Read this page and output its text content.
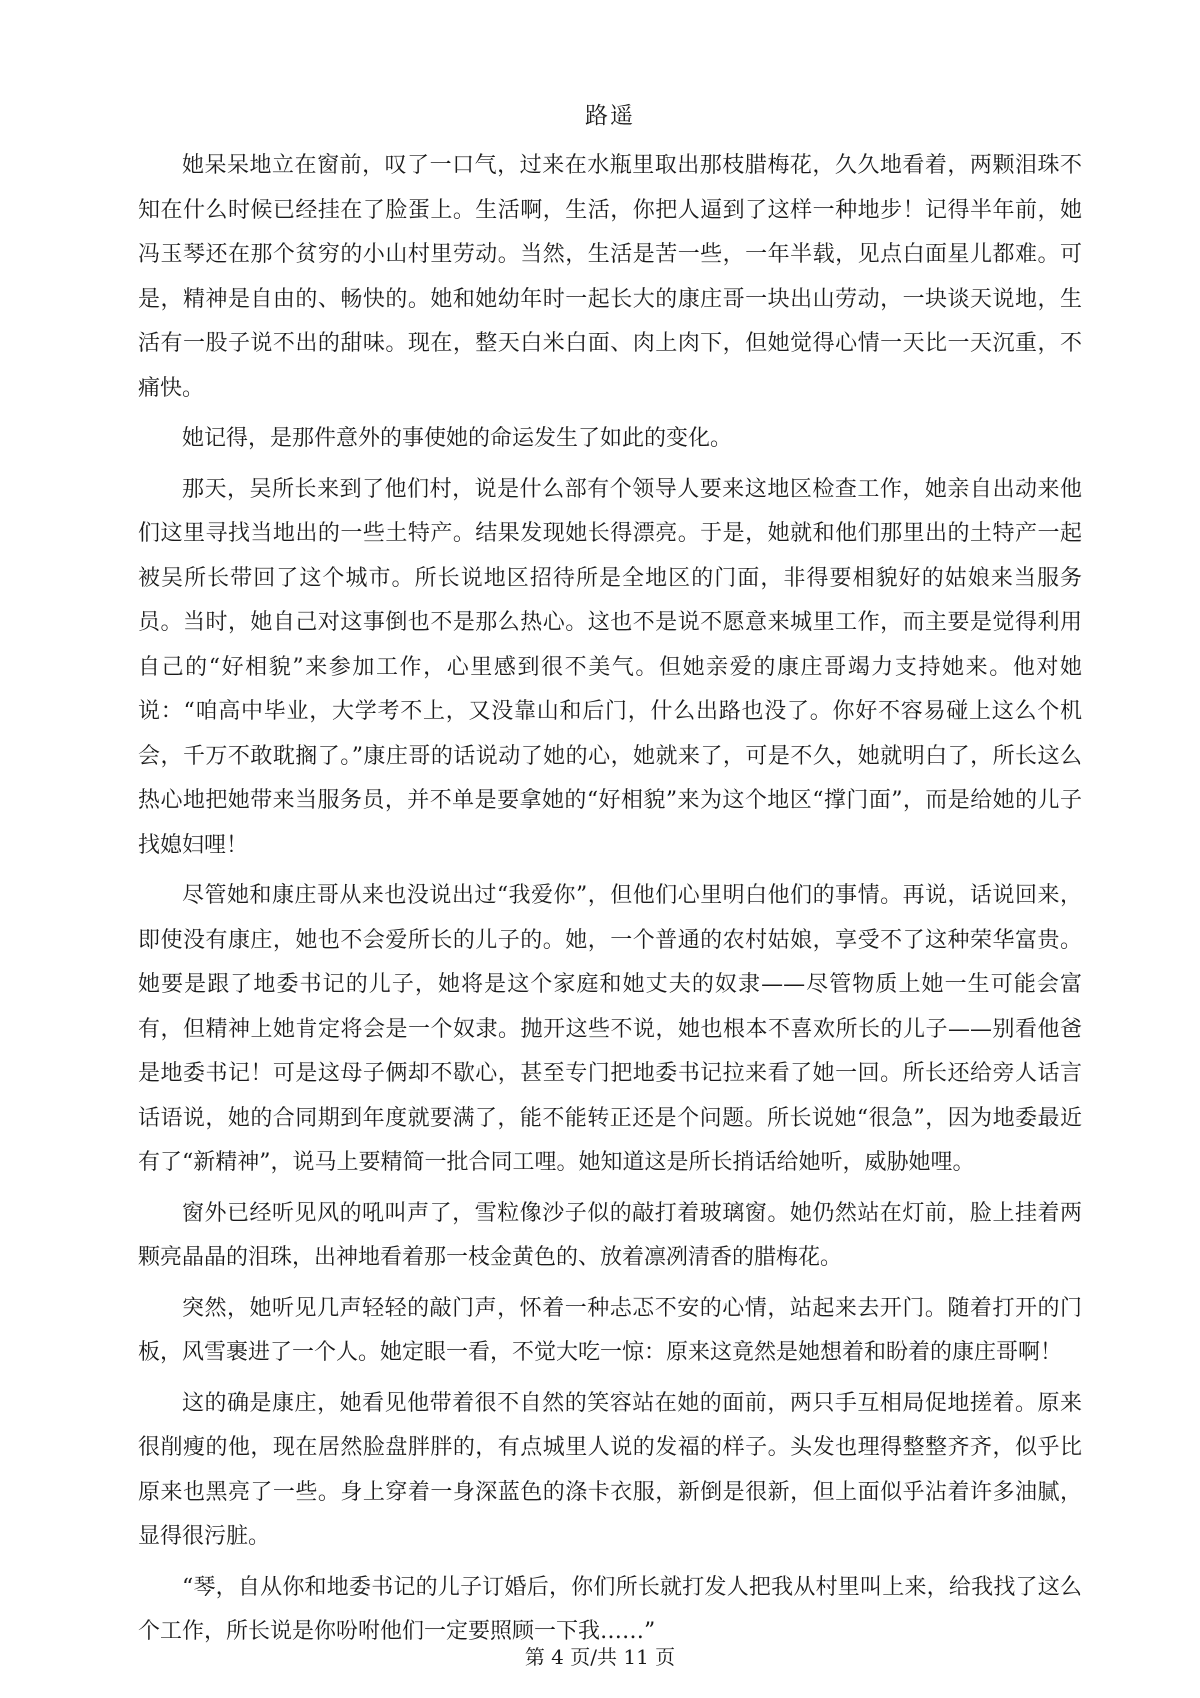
路遥

她呆呆地立在窗前，叹了一口气，过来在水瓶里取出那枝腊梅花，久久地看着，两颗泪珠不知在什么时候已经挂在了脸蛋上。生活啊，生活，你把人逼到了这样一种地步！记得半年前，她冯玉琴还在那个贫穷的小山村里劳动。当然，生活是苦一些，一年半载，见点白面星儿都难。可是，精神是自由的、畅快的。她和她幼年时一起长大的康庄哥一块出山劳动，一块谈天说地，生活有一股子说不出的甜味。现在，整天白米白面、肉上肉下，但她觉得心情一天比一天沉重，不痛快。

她记得，是那件意外的事使她的命运发生了如此的变化。

那天，吴所长来到了他们村，说是什么部有个领导人要来这地区检查工作，她亲自出动来他们这里寻找当地出的一些土特产。结果发现她长得漂亮。于是，她就和他们那里出的土特产一起被吴所长带回了这个城市。所长说地区招待所是全地区的门面，非得要相貌好的姑娘来当服务员。当时，她自己对这事倒也不是那么热心。这也不是说不愿意来城里工作，而主要是觉得利用自己的“好相貌”来参加工作，心里感到很不美气。但她亲爱的康庄哥竭力支持她来。他对她说：“咱高中毕业，大学考不上，又没靠山和后门，什么出路也没了。你好不容易碰上这么个机会，千万不敢耽搁了。”康庄哥的话说动了她的心，她就来了，可是不久，她就明白了，所长这么热心地把她带来当服务员，并不单是要拿她的“好相貌”来为这个地区“撑门面”，而是给她的儿子找媳妇哩！

尽管她和康庄哥从来也没说出过“我爱你”，但他们心里明白他们的事情。再说，话说回来，即使没有康庄，她也不会爱所长的儿子的。她，一个普通的农村姑娘，享受不了这种荣华富贵。她要是跟了地委书记的儿子，她将是这个家庭和她丈夫的奴隶——尽管物质上她一生可能会富有，但精神上她肯定将会是一个奴隶。抛开这些不说，她也根本不喜欢所长的儿子——别看他爸是地委书记！可是这母子俩却不歇心，甚至专门把地委书记拉来看了她一回。所长还给旁人话言话语说，她的合同期到年度就要满了，能不能转正还是个问题。所长说她“很急”，因为地委最近有了“新精神”，说马上要精简一批合同工哩。她知道这是所长捎话给她听，威胁她哩。

窗外已经听见风的吼叫声了，雪粒像沙子似的敲打着玻璃窗。她仍然站在灯前，脸上挂着两颗亮晶晶的泪珠，出神地看着那一枝金黄色的、放着凛冽清香的腊梅花。

突然，她听见几声轻轻的敲门声，怀着一种忐忑不安的心情，站起来去开门。随着打开的门板，风雪裹进了一个人。她定眼一看，不觉大吃一惊：原来这竟然是她想着和盼着的康庄哥啊！

这的确是康庄，她看见他带着很不自然的笑容站在她的面前，两只手互相局促地搓着。原来很削瘦的他，现在居然脸盘胖胖的，有点城里人说的发福的样子。头发也理得整整齐齐，似乎比原来也黑亮了一些。身上穿着一身深蓝色的涤卡衣服，新倒是很新，但上面似乎沾着许多油腻，显得很污脏。

“琴，自从你和地委书记的儿子订婚后，你们所长就打发人把我从村里叫上来，给我找了这么个工作，所长说是你吩咐他们一定要照顾一下我……”

第 4 页/共 11 页
